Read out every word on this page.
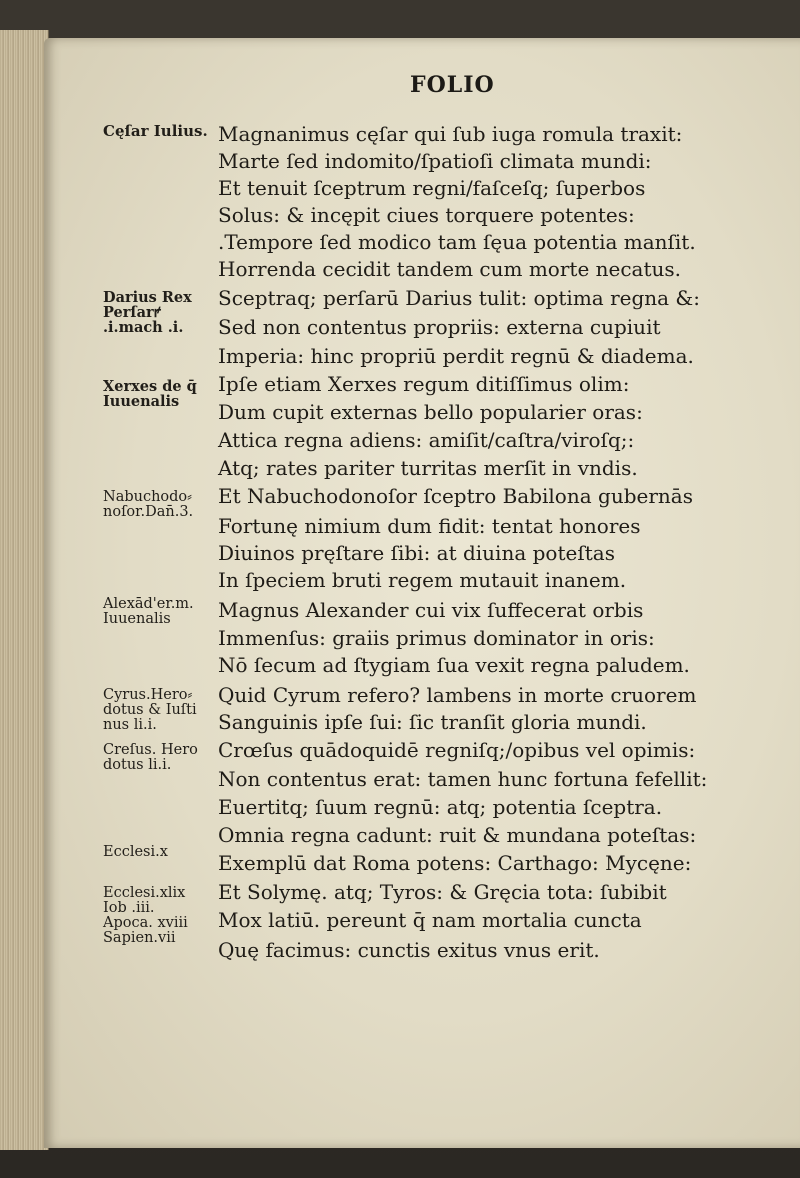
FOLIO
Cęſar Iulius.
Darius Rex
Perſarꝵ
.i.mach .i.
Xerxes de q̄
Iuuenalis
Nabuchodo⸗
noſor.Dan̄.3.
Alexād'er.m.
Iuuenalis
Cyrus.Hero⸗
dotus & Iuſti
nus li.i.
Creſus. Hero
dotus li.i.
Ecclesi.x
Ecclesi.xlix
Iob .iii.
Apoca. xviii
Sapien.vii
Magnanimus cęſar qui ſub iuga romula traxit:
Marte ſed indomito/ſpatioſi climata mundi:
Et tenuit ſceptrum regni/faſceſq; ſuperbos
Solus: & incępit ciues torquere potentes:
.Tempore ſed modico tam ſęua potentia manſit.
Horrenda cecidit tandem cum morte necatus.
Sceptraq; perſarū Darius tulit: optima regna &:
Sed non contentus propriis: externa cupiuit
Imperia: hinc propriū perdit regnū & diadema.
Ipſe etiam Xerxes regum ditiſſimus olim:
Dum cupit externas bello popularier oras:
Attica regna adiens: amiſit/caſtra/viroſq;:
Atq; rates pariter turritas merſit in vndis.
Et Nabuchodonoſor ſceptro Babilona gubernās
Fortunę nimium dum fidit: tentat honores
Diuinos pręſtare ſibi: at diuina poteſtas
In ſpeciem bruti regem mutauit inanem.
Magnus Alexander cui vix ſuffecerat orbis
Immenſus: graiis primus dominator in oris:
Nō ſecum ad ſtygiam ſua vexit regna paludem.
Quid Cyrum refero? lambens in morte cruorem
Sanguinis ipſe ſui: ſic tranſit gloria mundi.
Crœſus quādoquidē regniſq;/opibus vel opimis:
Non contentus erat: tamen hunc fortuna fefellit:
Euertitq; ſuum regnū: atq; potentia ſceptra.
Omnia regna cadunt: ruit & mundana poteſtas:
Exemplū dat Roma potens: Carthago: Mycęne:
Et Solymę. atq; Tyros: & Gręcia tota: ſubibit
Mox latiū. pereunt q̄ nam mortalia cuncta
Quę facimus: cunctis exitus vnus erit.
